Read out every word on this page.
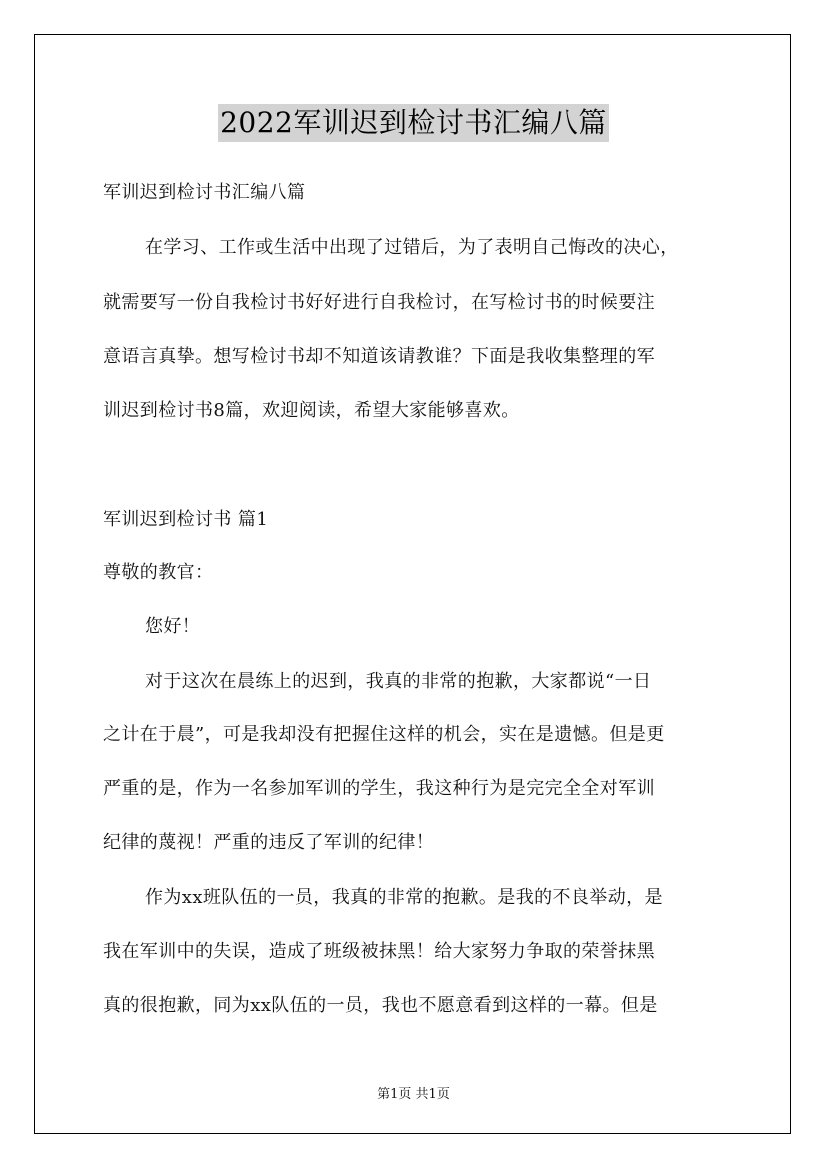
2022军训迟到检讨书汇编八篇
军训迟到检讨书汇编八篇
在学习、工作或生活中出现了过错后，为了表明自己悔改的决心，
就需要写一份自我检讨书好好进行自我检讨，在写检讨书的时候要注
意语言真挚。想写检讨书却不知道该请教谁？下面是我收集整理的军
训迟到检讨书8篇，欢迎阅读，希望大家能够喜欢。
军训迟到检讨书 篇1
尊敬的教官：
您好！
对于这次在晨练上的迟到，我真的非常的抱歉，大家都说“一日
之计在于晨”，可是我却没有把握住这样的机会，实在是遗憾。但是更
严重的是，作为一名参加军训的学生，我这种行为是完完全全对军训
纪律的蔑视！严重的违反了军训的纪律！
作为xx班队伍的一员，我真的非常的抱歉。是我的不良举动，是
我在军训中的失误，造成了班级被抹黑！给大家努力争取的荣誉抹黑
真的很抱歉，同为xx队伍的一员，我也不愿意看到这样的一幕。但是
第1页 共1页
